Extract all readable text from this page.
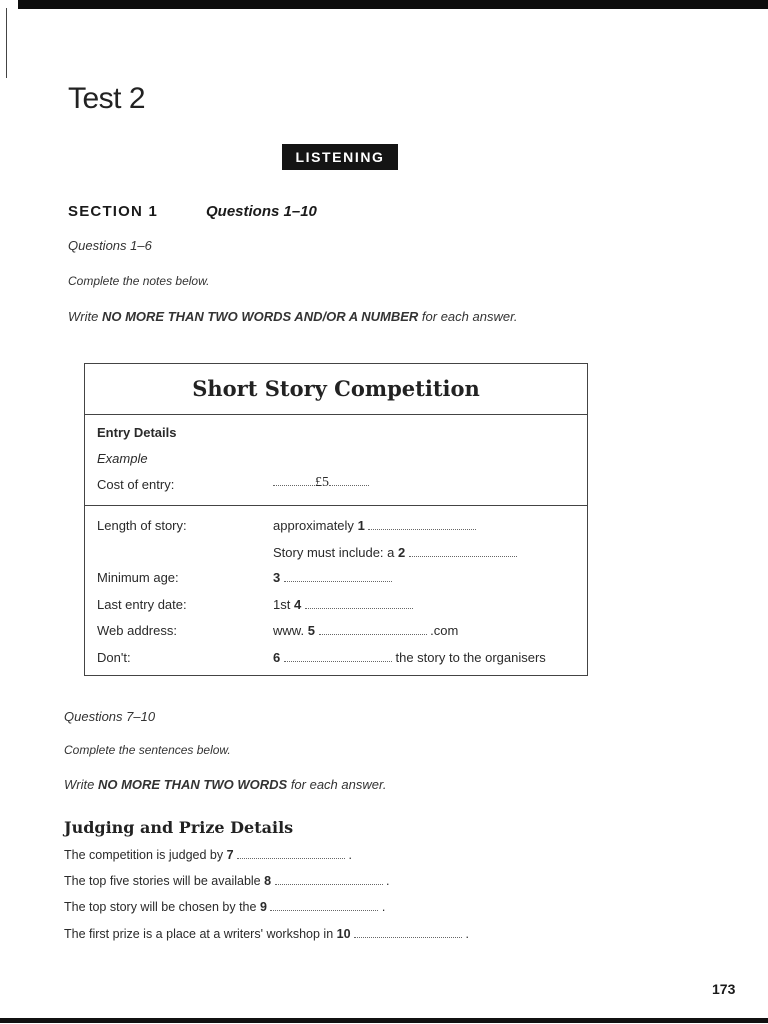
Test 2
LISTENING
SECTION 1	Questions 1–10
Questions 1–6
Complete the notes below.
Write NO MORE THAN TWO WORDS AND/OR A NUMBER for each answer.
Short Story Competition
Entry Details
Example
Cost of entry:	£5
Length of story:	approximately 1
Story must include: a 2
Minimum age:	3
Last entry date:	1st 4
Web address:	www. 5	.com
Don't:	6	the story to the organisers
Questions 7–10
Complete the sentences below.
Write NO MORE THAN TWO WORDS for each answer.
Judging and Prize Details
The competition is judged by 7	.
The top five stories will be available 8	.
The top story will be chosen by the 9	.
The first prize is a place at a writers' workshop in 10	.
173
